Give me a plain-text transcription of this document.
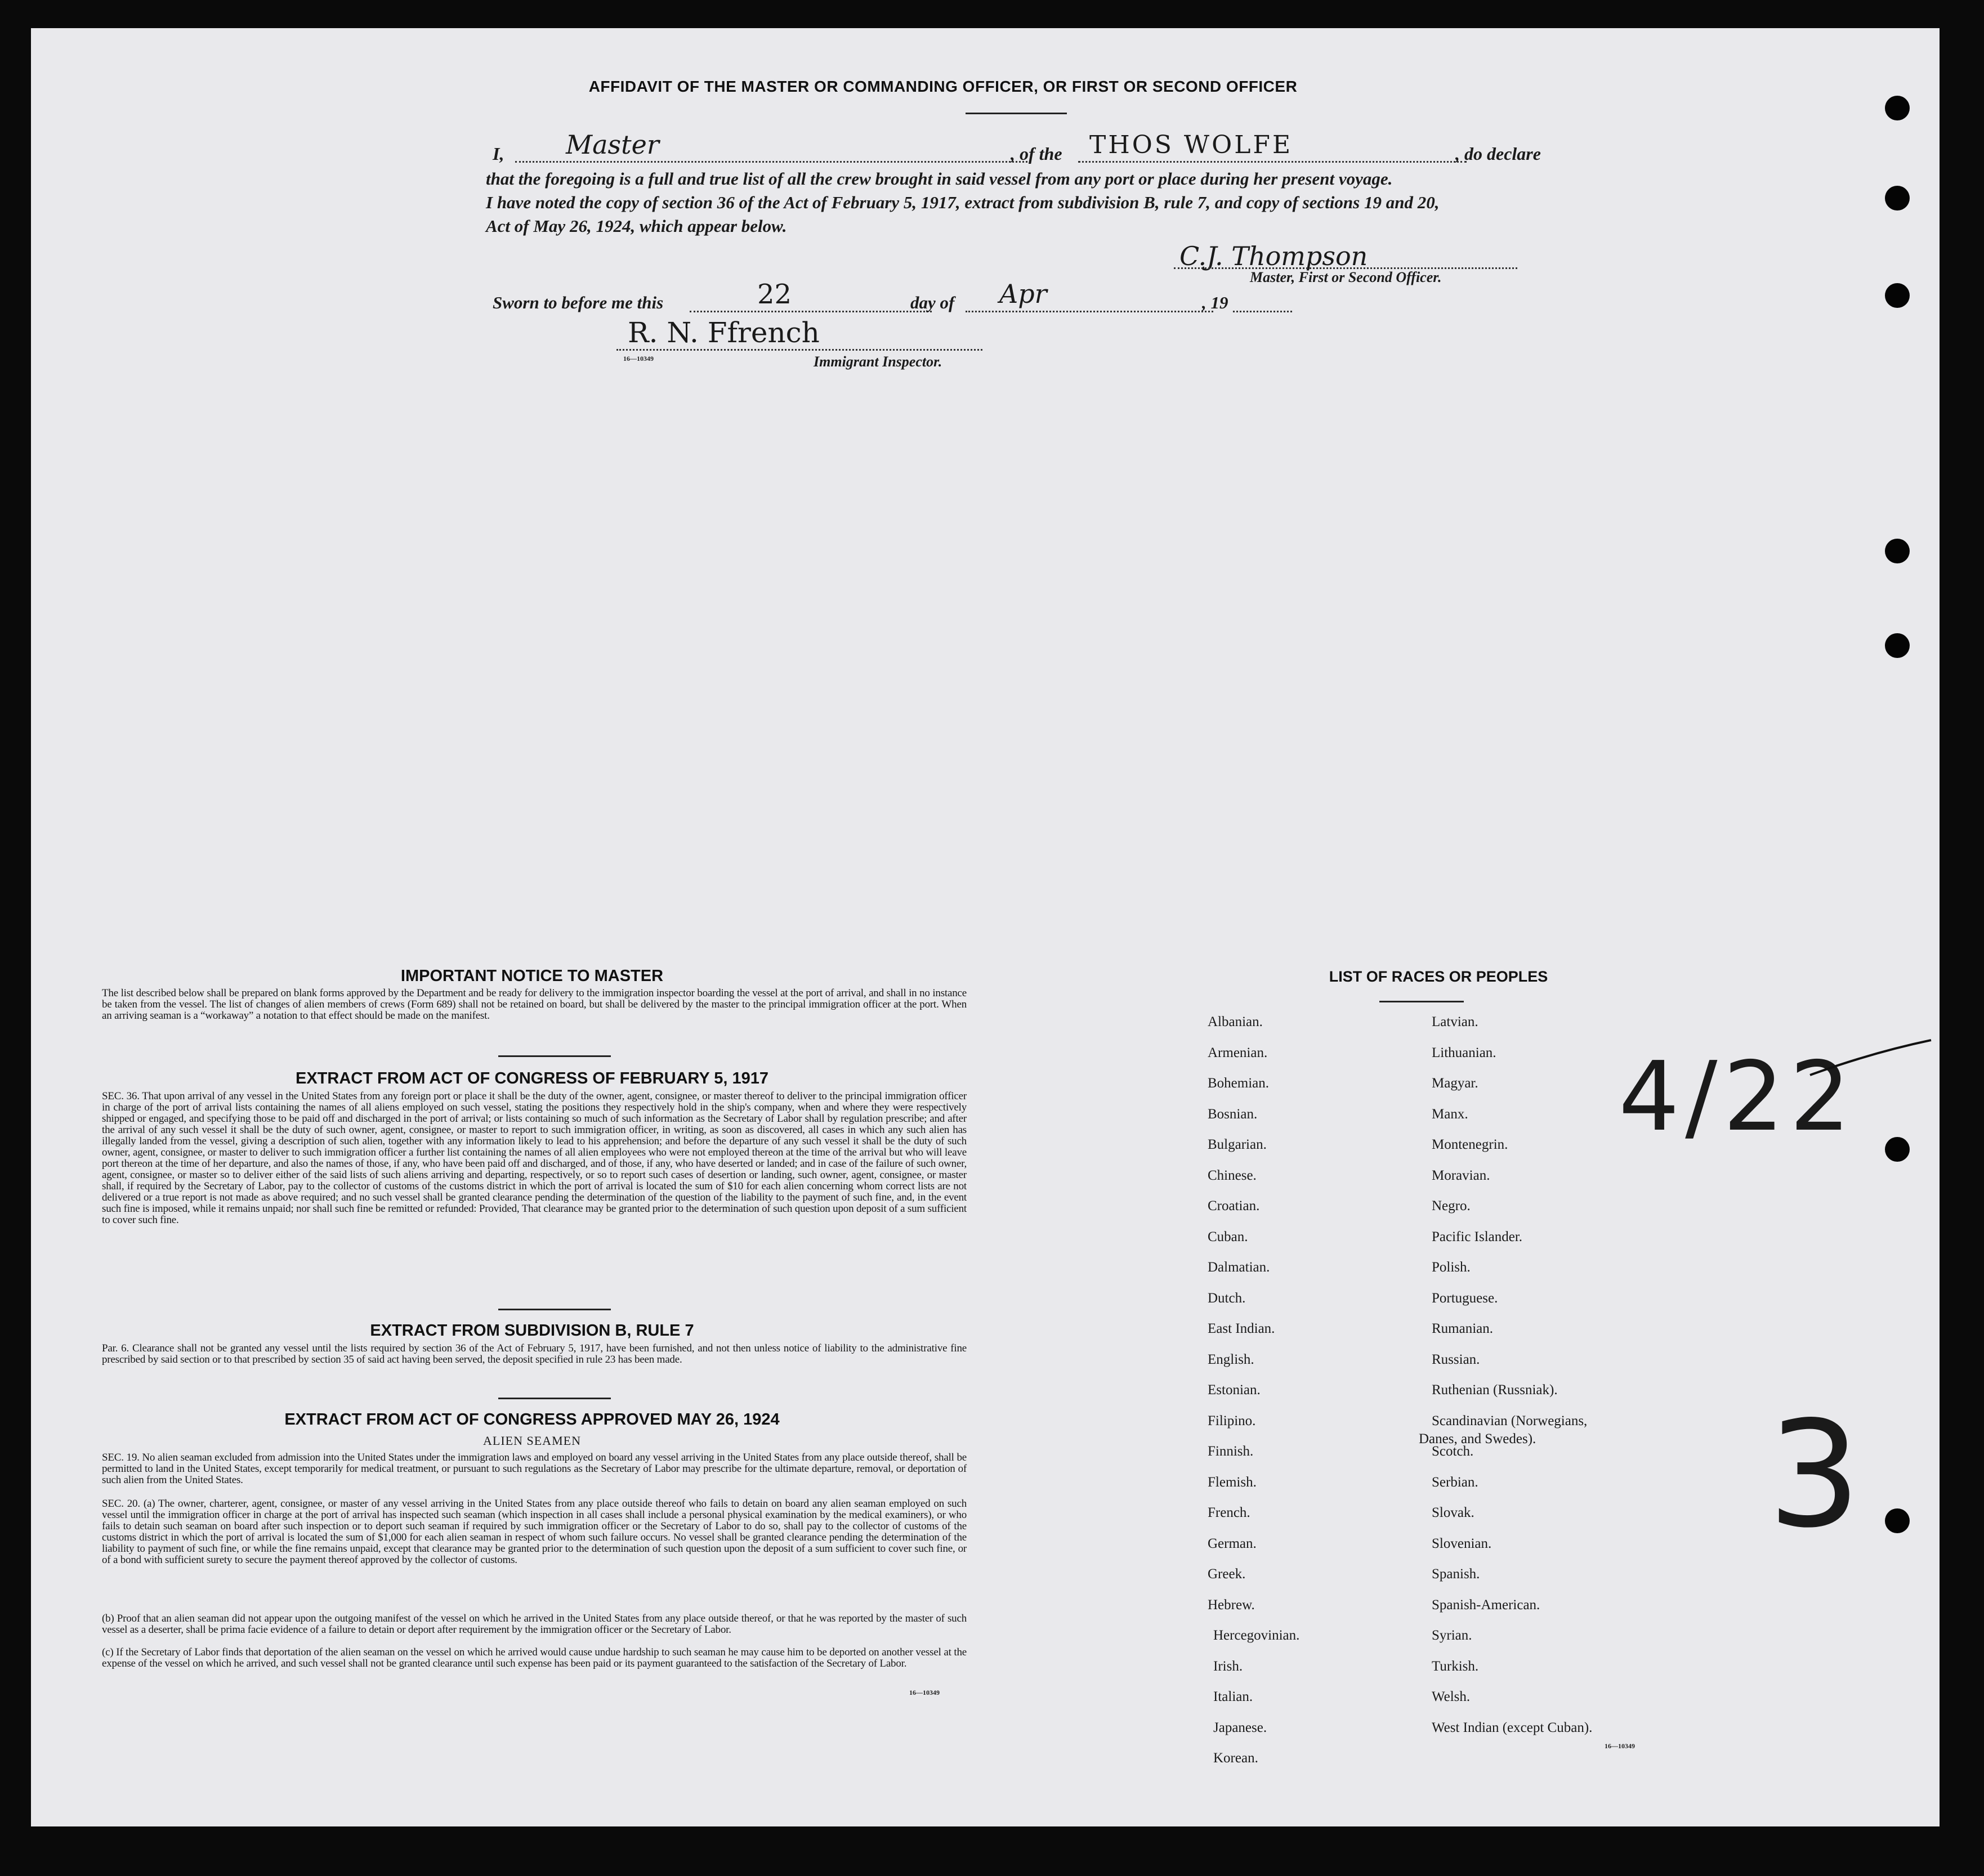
AFFIDAVIT OF THE MASTER OR COMMANDING OFFICER, OR FIRST OR SECOND OFFICER
I, Master	, of the THOS WOLFE	, do declare
that the foregoing is a full and true list of all the crew brought in said vessel from any port or place during her present voyage.
I have noted the copy of section 36 of the Act of February 5, 1917, extract from subdivision B, rule 7, and copy of sections 19 and 20,
Act of May 26, 1924, which appear below.
C.J. Thompson
Master, First or Second Officer.
Sworn to before me this	22	day of Apr	, 19
R. N. Ffrench
16—10349	Immigrant Inspector.
IMPORTANT NOTICE TO MASTER

The list described below shall be prepared on blank forms approved by the Department and be ready for delivery to the immigration inspector boarding the vessel at the port of arrival, and shall in no instance be taken from the vessel. The list of changes of alien members of crews (Form 689) shall not be retained on board, but shall be delivered by the master to the principal immigration officer at the port. When an arriving seaman is a “workaway” a notation to that effect should be made on the manifest.

EXTRACT FROM ACT OF CONGRESS OF FEBRUARY 5, 1917

SEC. 36. That upon arrival of any vessel in the United States from any foreign port or place it shall be the duty of the owner, agent, consignee, or master thereof to deliver to the principal immigration officer in charge of the port of arrival lists containing the names of all aliens employed on such vessel, stating the positions they respectively hold in the ship's company, when and where they were respectively shipped or engaged, and specifying those to be paid off and discharged in the port of arrival; or lists containing so much of such information as the Secretary of Labor shall by regulation prescribe; and after the arrival of any such vessel it shall be the duty of such owner, agent, consignee, or master to report to such immigration officer, in writing, as soon as discovered, all cases in which any such alien has illegally landed from the vessel, giving a description of such alien, together with any information likely to lead to his apprehension; and before the departure of any such vessel it shall be the duty of such owner, agent, consignee, or master to deliver to such immigration officer a further list containing the names of all alien employees who were not employed thereon at the time of the arrival but who will leave port thereon at the time of her departure, and also the names of those, if any, who have been paid off and discharged, and of those, if any, who have deserted or landed; and in case of the failure of such owner, agent, consignee, or master so to deliver either of the said lists of such aliens arriving and departing, respectively, or so to report such cases of desertion or landing, such owner, agent, consignee, or master shall, if required by the Secretary of Labor, pay to the collector of customs of the customs district in which the port of arrival is located the sum of $10 for each alien concerning whom correct lists are not delivered or a true report is not made as above required; and no such vessel shall be granted clearance pending the determination of the question of the liability to the payment of such fine, and, in the event such fine is imposed, while it remains unpaid; nor shall such fine be remitted or refunded: Provided, That clearance may be granted prior to the determination of such question upon deposit of a sum sufficient to cover such fine.

EXTRACT FROM SUBDIVISION B, RULE 7

Par. 6. Clearance shall not be granted any vessel until the lists required by section 36 of the Act of February 5, 1917, have been furnished, and not then unless notice of liability to the administrative fine prescribed by said section or to that prescribed by section 35 of said act having been served, the deposit specified in rule 23 has been made.

EXTRACT FROM ACT OF CONGRESS APPROVED MAY 26, 1924
ALIEN SEAMEN

SEC. 19. No alien seaman excluded from admission into the United States under the immigration laws and employed on board any vessel arriving in the United States from any place outside thereof, shall be permitted to land in the United States, except temporarily for medical treatment, or pursuant to such regulations as the Secretary of Labor may prescribe for the ultimate departure, removal, or deportation of such alien from the United States.

SEC. 20. (a) The owner, charterer, agent, consignee, or master of any vessel arriving in the United States from any place outside thereof who fails to detain on board any alien seaman employed on such vessel until the immigration officer in charge at the port of arrival has inspected such seaman (which inspection in all cases shall include a personal physical examination by the medical examiners), or who fails to detain such seaman on board after such inspection or to deport such seaman if required by such immigration officer or the Secretary of Labor to do so, shall pay to the collector of customs of the customs district in which the port of arrival is located the sum of $1,000 for each alien seaman in respect of whom such failure occurs. No vessel shall be granted clearance pending the determination of the liability to payment of such fine, or while the fine remains unpaid, except that clearance may be granted prior to the determination of such question upon the deposit of a sum sufficient to cover such fine, or of a bond with sufficient surety to secure the payment thereof approved by the collector of customs.

(b) Proof that an alien seaman did not appear upon the outgoing manifest of the vessel on which he arrived in the United States from any place outside thereof, or that he was reported by the master of such vessel as a deserter, shall be prima facie evidence of a failure to detain or deport after requirement by the immigration officer or the Secretary of Labor.

(c) If the Secretary of Labor finds that deportation of the alien seaman on the vessel on which he arrived would cause undue hardship to such seaman he may cause him to be deported on another vessel at the expense of the vessel on which he arrived, and such vessel shall not be granted clearance until such expense has been paid or its payment guaranteed to the satisfaction of the Secretary of Labor.

16—10349
LIST OF RACES OR PEOPLES
Albanian.
Armenian.
Bohemian.
Bosnian.
Bulgarian.
Chinese.
Croatian.
Cuban.
Dalmatian.
Dutch.
East Indian.
English.
Estonian.
Filipino.
Finnish.
Flemish.
French.
German.
Greek.
Hebrew.
Hercegovinian.
Irish.
Italian.
Japanese.
Korean.
Latvian.
Lithuanian.
Magyar.
Manx.
Montenegrin.
Moravian.
Negro.
Pacific Islander.
Polish.
Portuguese.
Rumanian.
Russian.
Ruthenian (Russniak).
Scandinavian (Norwegians,
Danes, and Swedes).
Scotch.
Serbian.
Slovak.
Slovenian.
Spanish.
Spanish-American.
Syrian.
Turkish.
Welsh.
West Indian (except Cuban).
16—10349
4/22
3
